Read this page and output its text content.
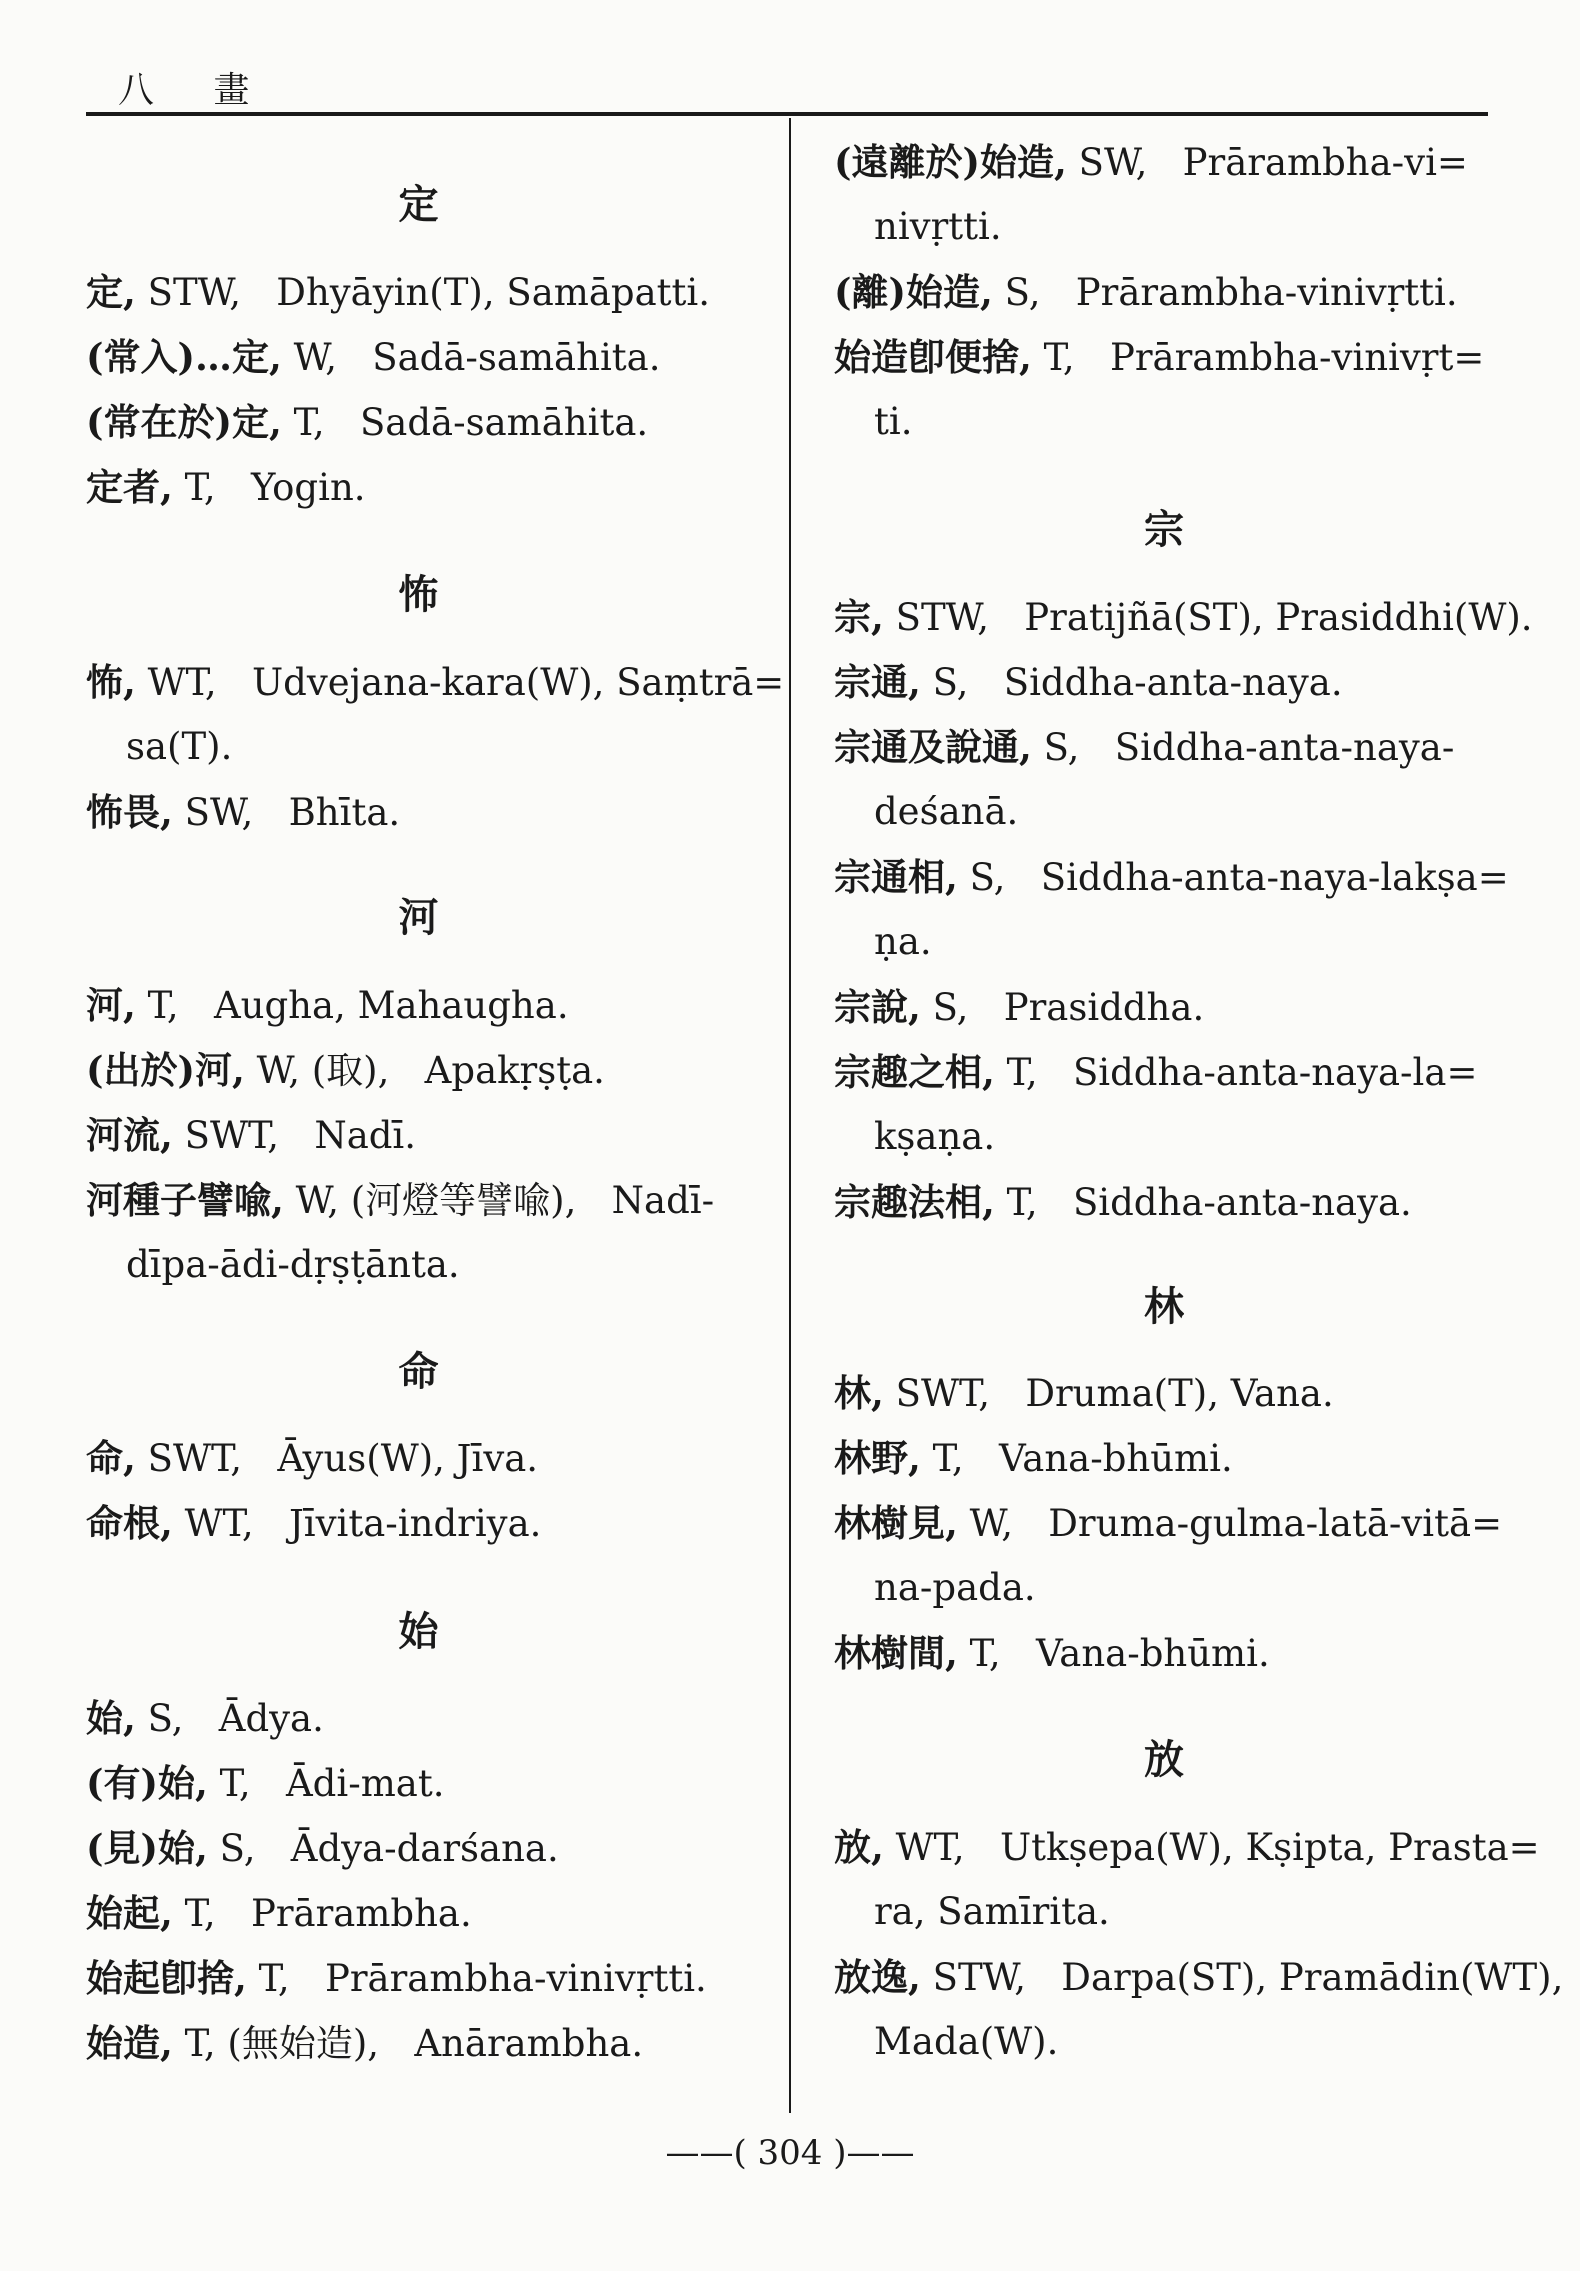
八 畫
定
定, STW,   Dhyāyin(T), Samāpatti.
(常入)…定, W,   Sadā-samāhita.
(常在於)定, T,   Sadā-samāhita.
定者, T,   Yogin.
怖
怖, WT,   Udvejana-kara(W), Saṃtrā=
sa(T).
怖畏, SW,   Bhīta.
河
河, T,   Augha, Mahaugha.
(出於)河, W, (取),   Apakṛṣṭa.
河流, SWT,   Nadī.
河種子譬喩, W, (河燈等譬喩),   Nadī-
dīpa-ādi-dṛṣṭānta.
命
命, SWT,   Āyus(W), Jīva.
命根, WT,   Jīvita-indriya.
始
始, S,   Ādya.
(有)始, T,   Ādi-mat.
(見)始, S,   Ādya-darśana.
始起, T,   Prārambha.
始起卽捨, T,   Prārambha-vinivṛtti.
始造, T, (無始造),   Anārambha.
(遠離於)始造, SW,   Prārambha-vi=
nivṛtti.
(離)始造, S,   Prārambha-vinivṛtti.
始造卽便捨, T,   Prārambha-vinivṛt=
ti.
宗
宗, STW,   Pratijñā(ST), Prasiddhi(W).
宗通, S,   Siddha-anta-naya.
宗通及說通, S,   Siddha-anta-naya-
deśanā.
宗通相, S,   Siddha-anta-naya-lakṣa=
ṇa.
宗說, S,   Prasiddha.
宗趣之相, T,   Siddha-anta-naya-la=
kṣaṇa.
宗趣法相, T,   Siddha-anta-naya.
林
林, SWT,   Druma(T), Vana.
林野, T,   Vana-bhūmi.
林樹見, W,   Druma-gulma-latā-vitā=
na-pada.
林樹間, T,   Vana-bhūmi.
放
放, WT,   Utkṣepa(W), Kṣipta, Prasta=
ra, Samīrita.
放逸, STW,   Darpa(ST), Pramādin(WT),
Mada(W).
——( 304 )——
